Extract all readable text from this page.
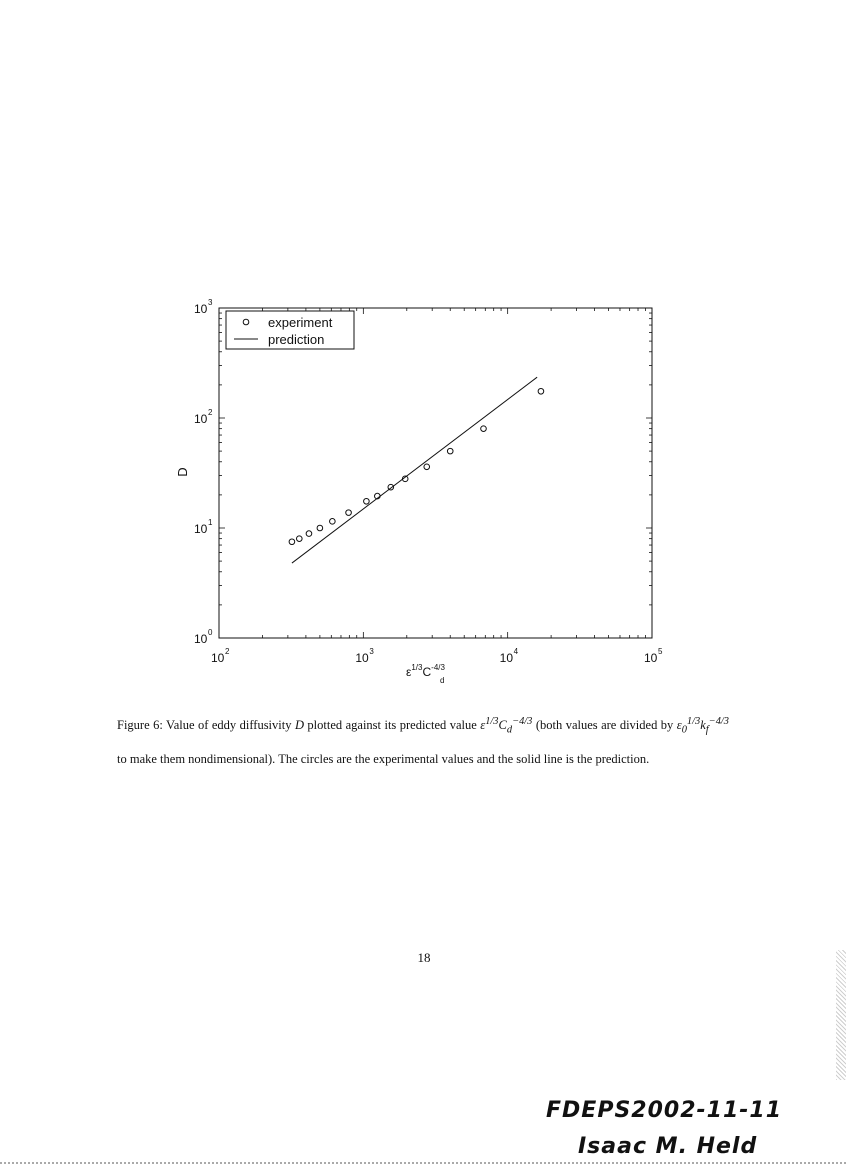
10 2	10 3	10 4	10 5
10 0
10 1
10 2
10 3
experiment
prediction
D
$\varepsilon^{1/3}C^{-4/3}$
d
Figure 6: Value of eddy diffusivity D plotted against its predicted value $\varepsilon^{1/3}C_d^{-4/3}$ (both values are divided by $\varepsilon_0^{1/3}k_f^{-4/3}$ to make them nondimensional). The circles are the experimental values and the solid line is the prediction.
18
FDEPS2002-11-11
Isaac M. Held
